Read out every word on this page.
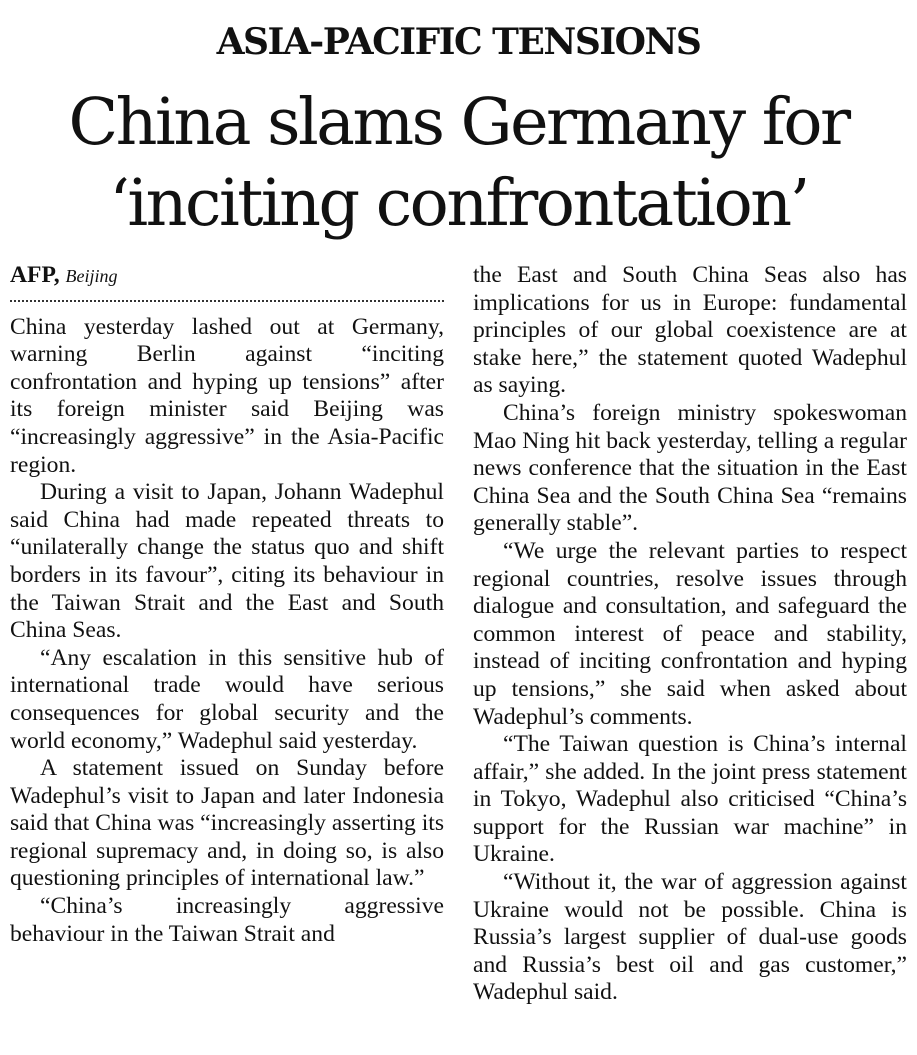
ASIA-PACIFIC TENSIONS
China slams Germany for
‘inciting confrontation’
AFP, Beijing

China yesterday lashed out at Germany, warning Berlin against “inciting confrontation and hyping up tensions” after its foreign minister said Beijing was “increasingly aggressive” in the Asia-Pacific region.

During a visit to Japan, Johann Wadephul said China had made repeated threats to “unilaterally change the status quo and shift borders in its favour”, citing its behaviour in the Taiwan Strait and the East and South China Seas.

“Any escalation in this sensitive hub of international trade would have serious consequences for global security and the world economy,” Wadephul said yesterday.

A statement issued on Sunday before Wadephul’s visit to Japan and later Indonesia said that China was “increasingly asserting its regional supremacy and, in doing so, is also questioning principles of international law.”

“China’s increasingly aggressive behaviour in the Taiwan Strait and

the East and South China Seas also has implications for us in Europe: fundamental principles of our global coexistence are at stake here,” the statement quoted Wadephul as saying.

China’s foreign ministry spokeswoman Mao Ning hit back yesterday, telling a regular news conference that the situation in the East China Sea and the South China Sea “remains generally stable”.

“We urge the relevant parties to respect regional countries, resolve issues through dialogue and consultation, and safeguard the common interest of peace and stability, instead of inciting confrontation and hyping up tensions,” she said when asked about Wadephul’s comments.

“The Taiwan question is China’s internal affair,” she added. In the joint press statement in Tokyo, Wadephul also criticised “China’s support for the Russian war machine” in Ukraine.

“Without it, the war of aggression against Ukraine would not be possible. China is Russia’s largest supplier of dual-use goods and Russia’s best oil and gas customer,” Wadephul said.
